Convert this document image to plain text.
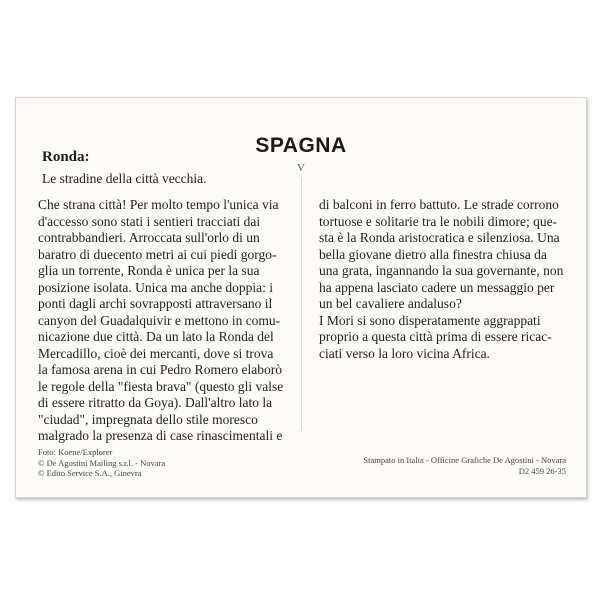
SPAGNA
V
Ronda:
Le stradine della città vecchia.
Che strana città! Per molto tempo l'unica via
d'accesso sono stati i sentieri tracciati dai
contrabbandieri. Arroccata sull'orlo di un
baratro di duecento metri ai cui piedi gorgo-
glia un torrente, Ronda è unica per la sua
posizione isolata. Unica ma anche doppia: i
ponti dagli archi sovrapposti attraversano il
canyon del Guadalquivir e mettono in comu-
nicazione due città. Da un lato la Ronda del
Mercadillo, cioè dei mercanti, dove si trova
la famosa arena in cui Pedro Romero elaborò
le regole della "fiesta brava" (questo gli valse
di essere ritratto da Goya). Dall'altro lato la
"ciudad", impregnata dello stile moresco
malgrado la presenza di case rinascimentali e
di balconi in ferro battuto. Le strade corrono
tortuose e solitarie tra le nobili dimore; que-
sta è la Ronda aristocratica e silenziosa. Una
bella giovane dietro alla finestra chiusa da
una grata, ingannando la sua governante, non
ha appena lasciato cadere un messaggio per
un bel cavaliere andaluso?
I Mori si sono disperatamente aggrappati
proprio a questa città prima di essere ricac-
ciati verso la loro vicina Africa.
Foto: Koene/Explorer
© De Agostini Mailing s.r.l. - Novara
© Edito Service S.A., Ginevra
Stampato in Italia - Officine Grafiche De Agostini - Novara
D2 459 26-35
